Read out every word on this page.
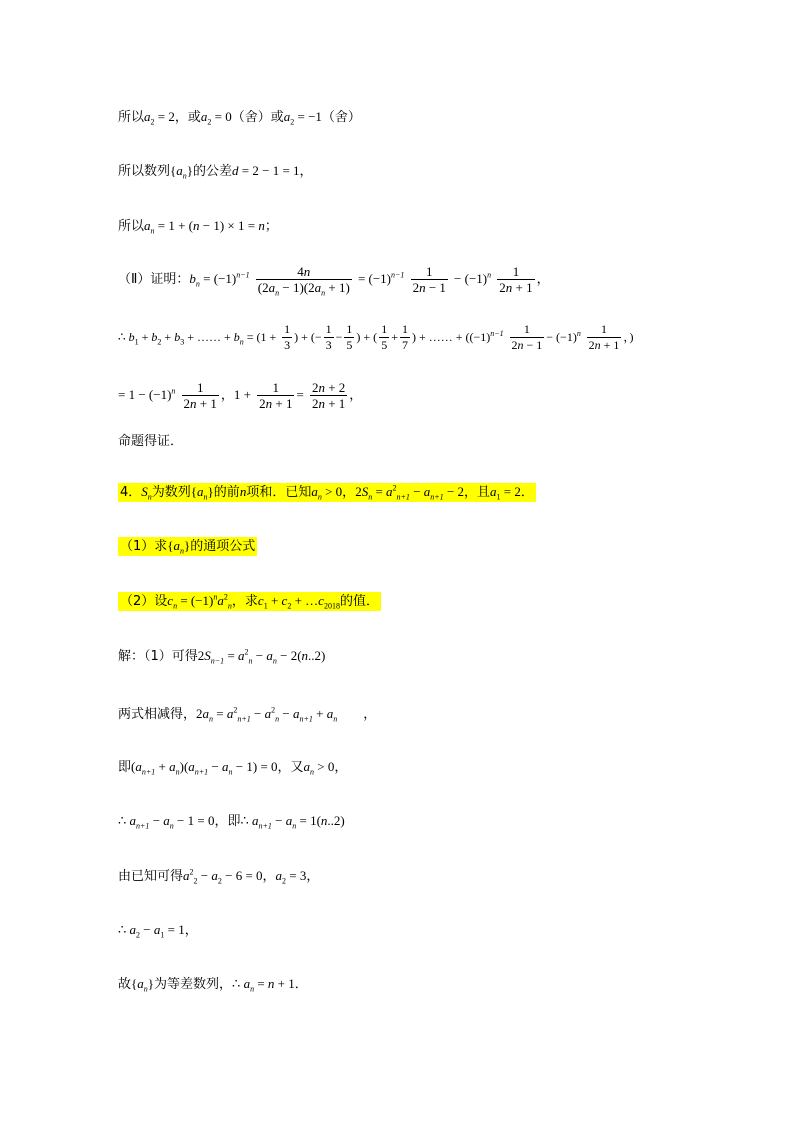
所以$a_2 = 2$，或$a_2 = 0$（舍）或$a_2 = -1$（舍）
所以数列$\{a_n\}$的公差d = 2 − 1 = 1，
所以$a_n = 1 + (n - 1) \times 1 = n$；
（Ⅱ）证明：$b_n = (-1)^{n-1} \frac{4n}{(2a_n - 1)(2a_n + 1)} = (-1)^{n-1} \frac{1}{2n - 1} - (-1)^n \frac{1}{2n + 1}$ ，
∴ $b_1 + b_2 + b_3$ + …… + $b_n = (1 + \frac{1}{3}$ ) + (− $\frac{1}{3} - \frac{1}{5}$ ) + ( $\frac{1}{5} + \frac{1}{7}$ ) + …… + ($(-1)^{n-1} \frac{1}{2n - 1} - (-1)^n \frac{1}{2n + 1}$ ，)
= $1 - (-1)^n \frac{1}{2n + 1}$ ，$1 + \frac{1}{2n + 1} = \frac{2n + 2}{2n + 1}$ ，
命题得证．
4．$S_n$为数列$\{a_n\}$的前n项和．已知$a_n > 0$，$2S_n = a^2_{n+1} - a_{n+1} - 2$，且$a_1 = 2$．
（1）求$\{a_n\}$的通项公式
（2）设$c_n = (-1)^na^2_n$，求$c_1 + c_2$ + $\dots c_{2018}$的值．
解：（1）可得$2S_{n-1} = a^2_n - a_n - 2(n..2)$
两式相减得，$2a_n = a^2_{n+1} - a^2_n - a_{n+1} + a_n$ ，
即$(a_{n+1} + a_n)(a_{n+1} - a_n - 1) = 0$，又$a_n > 0$，
∴ $a_{n+1} - a_n - 1 = 0$，即∴ $a_{n+1} - a_n = 1(n..2)$
由已知可得$a^2_2 - a_2 - 6 = 0$，$a_2 = 3$，
∴ $a_2 - a_1 = 1$，
故$\{a_n\}$为等差数列，∴ $a_n = n + 1$．
